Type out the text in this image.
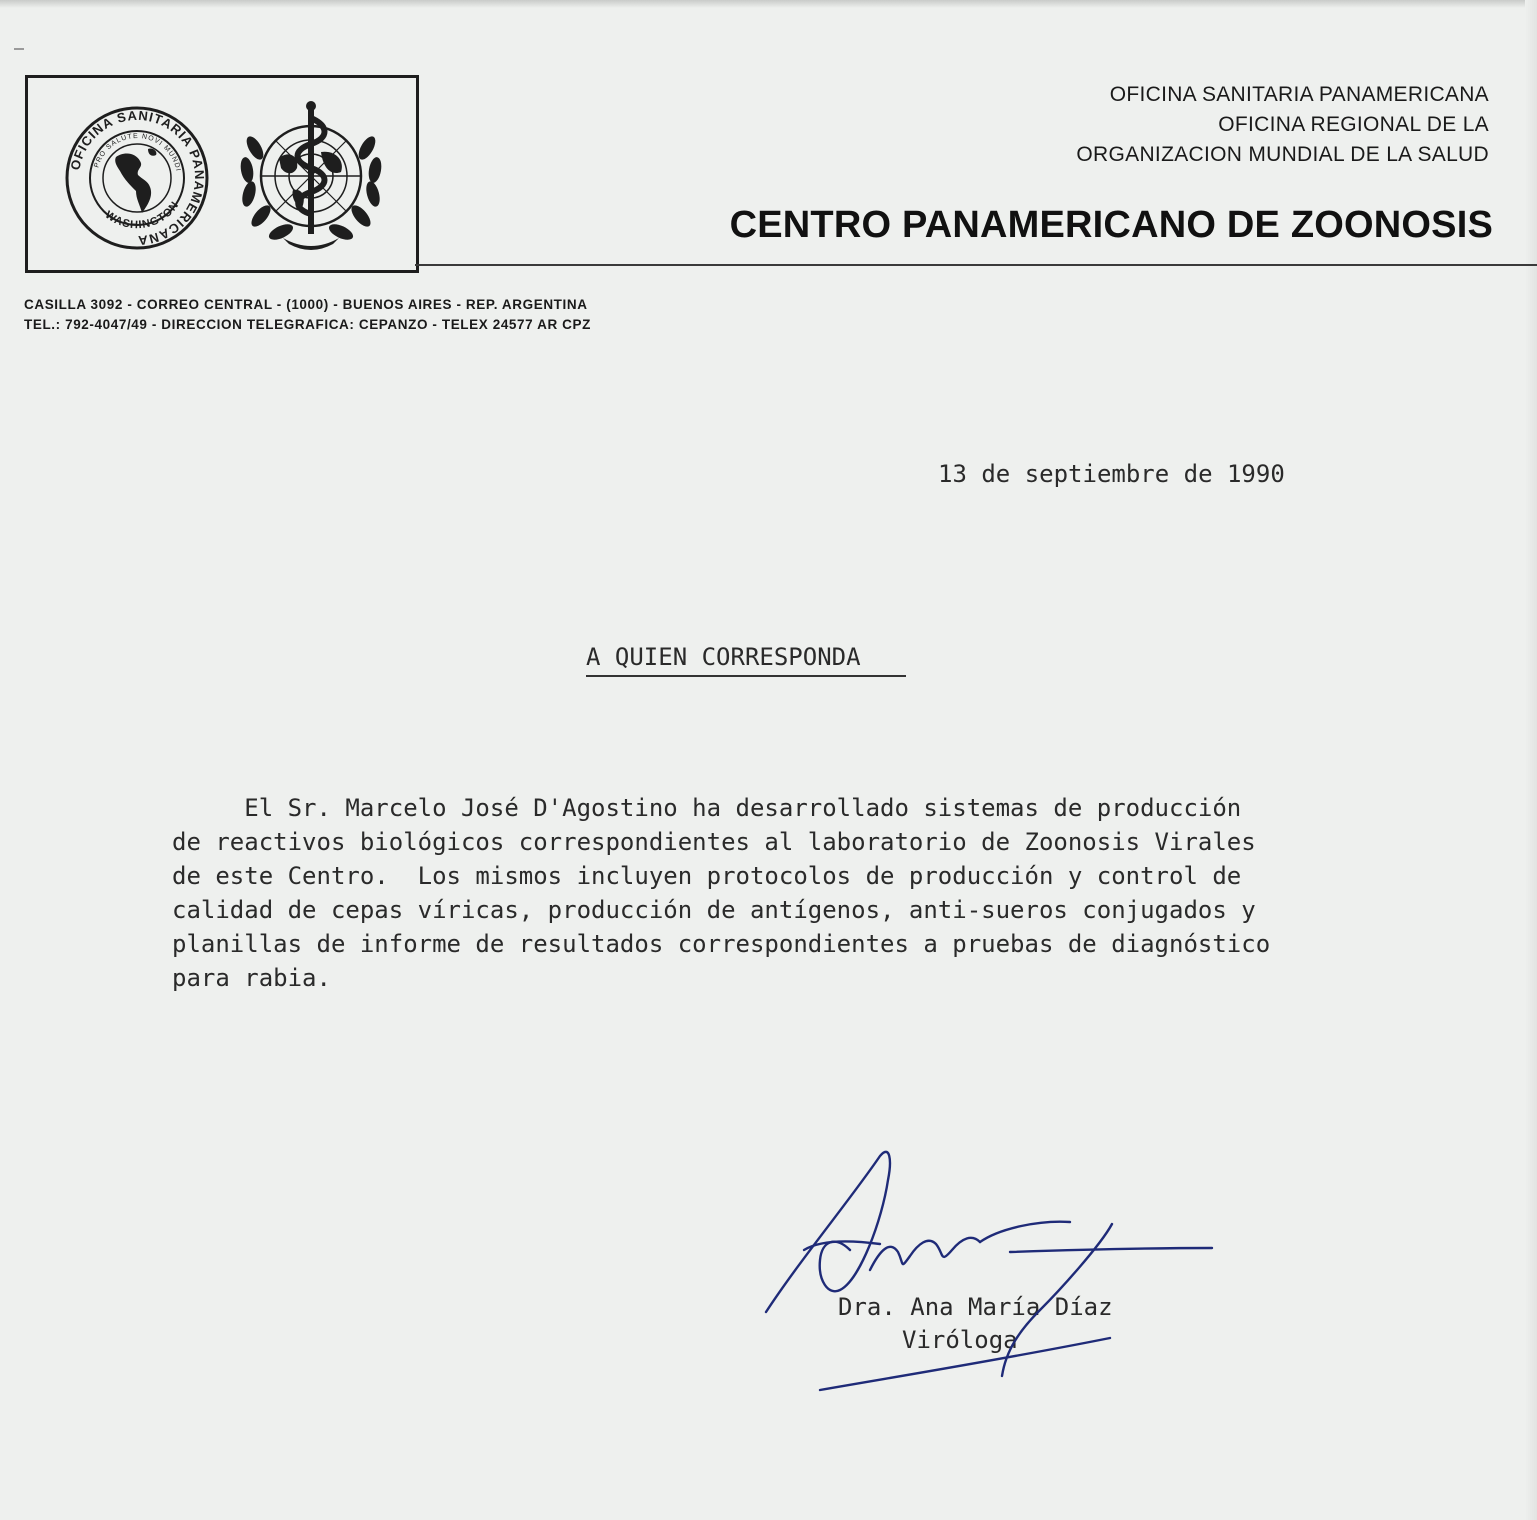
OFICINA SANITARIA PANAMERICANA
PRO SALUTE NOVI MUNDI
WASHINGTON
OFICINA SANITARIA PANAMERICANA
OFICINA REGIONAL DE LA
ORGANIZACION MUNDIAL DE LA SALUD
CENTRO PANAMERICANO DE ZOONOSIS
CASILLA 3092 - CORREO CENTRAL - (1000) - BUENOS AIRES - REP. ARGENTINA
TEL.: 792-4047/49 - DIRECCION TELEGRAFICA: CEPANZO - TELEX 24577 AR CPZ
13 de septiembre de 1990
A QUIEN CORRESPONDA
El Sr. Marcelo José D'Agostino ha desarrollado sistemas de producción
de reactivos biológicos correspondientes al laboratorio de Zoonosis Virales
de este Centro.  Los mismos incluyen protocolos de producción y control de
calidad de cepas víricas, producción de antígenos, anti-sueros conjugados y
planillas de informe de resultados correspondientes a pruebas de diagnóstico
para rabia.
Dra. Ana María Díaz
Viróloga
